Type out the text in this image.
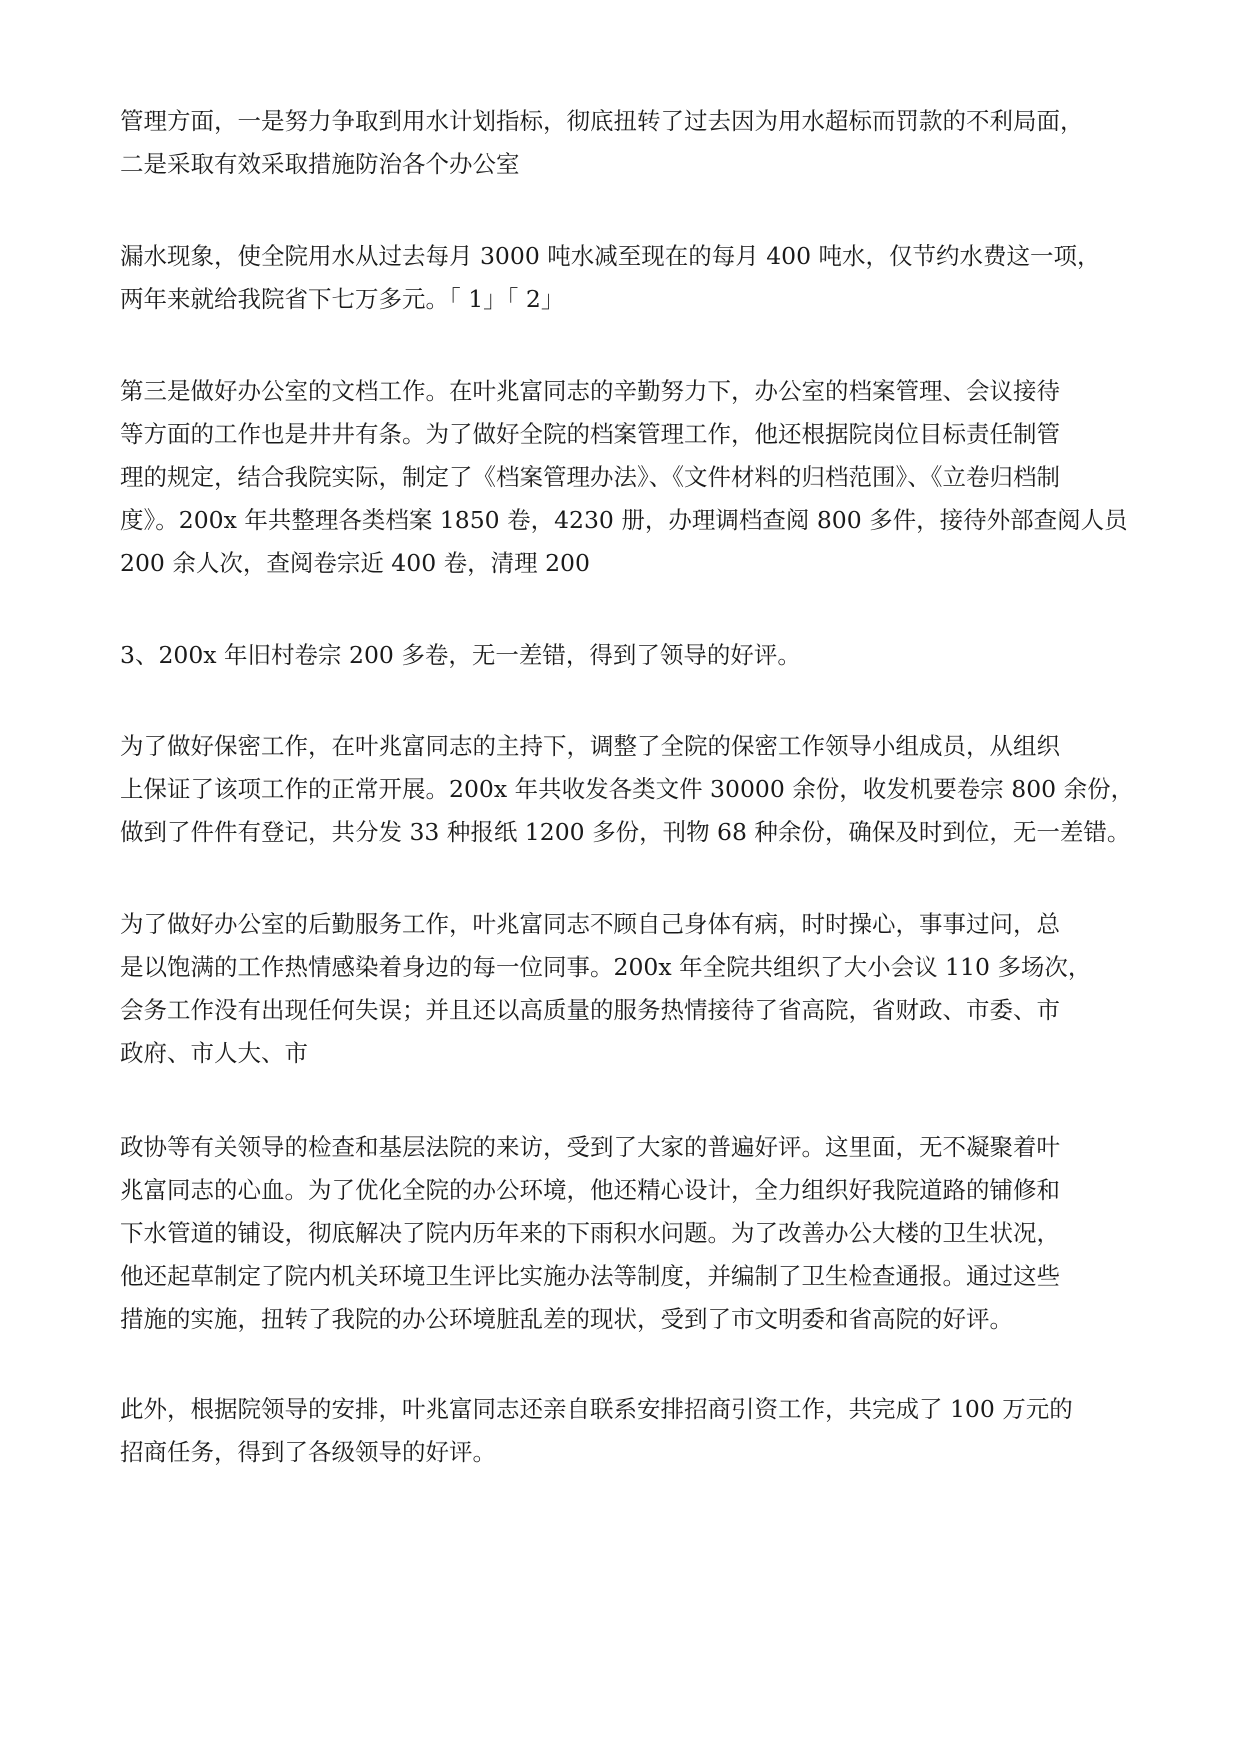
管理方面，一是努力争取到用水计划指标，彻底扭转了过去因为用水超标而罚款的不利局面，
二是采取有效采取措施防治各个办公室
漏水现象，使全院用水从过去每月 3000 吨水减至现在的每月 400 吨水，仅节约水费这一项，
两年来就给我院省下七万多元。「 1」「 2」
第三是做好办公室的文档工作。在叶兆富同志的辛勤努力下，办公室的档案管理、会议接待
等方面的工作也是井井有条。为了做好全院的档案管理工作，他还根据院岗位目标责任制管
理的规定，结合我院实际，制定了《档案管理办法》、《文件材料的归档范围》、《立卷归档制
度》。200x 年共整理各类档案 1850 卷，4230 册，办理调档查阅 800 多件，接待外部查阅人员
200 余人次，查阅卷宗近 400 卷，清理 200
3、200x 年旧村卷宗 200 多卷，无一差错，得到了领导的好评。
为了做好保密工作，在叶兆富同志的主持下，调整了全院的保密工作领导小组成员，从组织
上保证了该项工作的正常开展。200x 年共收发各类文件 30000 余份，收发机要卷宗 800 余份，
做到了件件有登记，共分发 33 种报纸 1200 多份，刊物 68 种余份，确保及时到位，无一差错。
为了做好办公室的后勤服务工作，叶兆富同志不顾自己身体有病，时时操心，事事过问，总
是以饱满的工作热情感染着身边的每一位同事。200x 年全院共组织了大小会议 110 多场次，
会务工作没有出现任何失误；并且还以高质量的服务热情接待了省高院，省财政、市委、市
政府、市人大、市
政协等有关领导的检查和基层法院的来访，受到了大家的普遍好评。这里面，无不凝聚着叶
兆富同志的心血。为了优化全院的办公环境，他还精心设计，全力组织好我院道路的铺修和
下水管道的铺设，彻底解决了院内历年来的下雨积水问题。为了改善办公大楼的卫生状况，
他还起草制定了院内机关环境卫生评比实施办法等制度，并编制了卫生检查通报。通过这些
措施的实施，扭转了我院的办公环境脏乱差的现状，受到了市文明委和省高院的好评。
此外，根据院领导的安排，叶兆富同志还亲自联系安排招商引资工作，共完成了 100 万元的
招商任务，得到了各级领导的好评。
